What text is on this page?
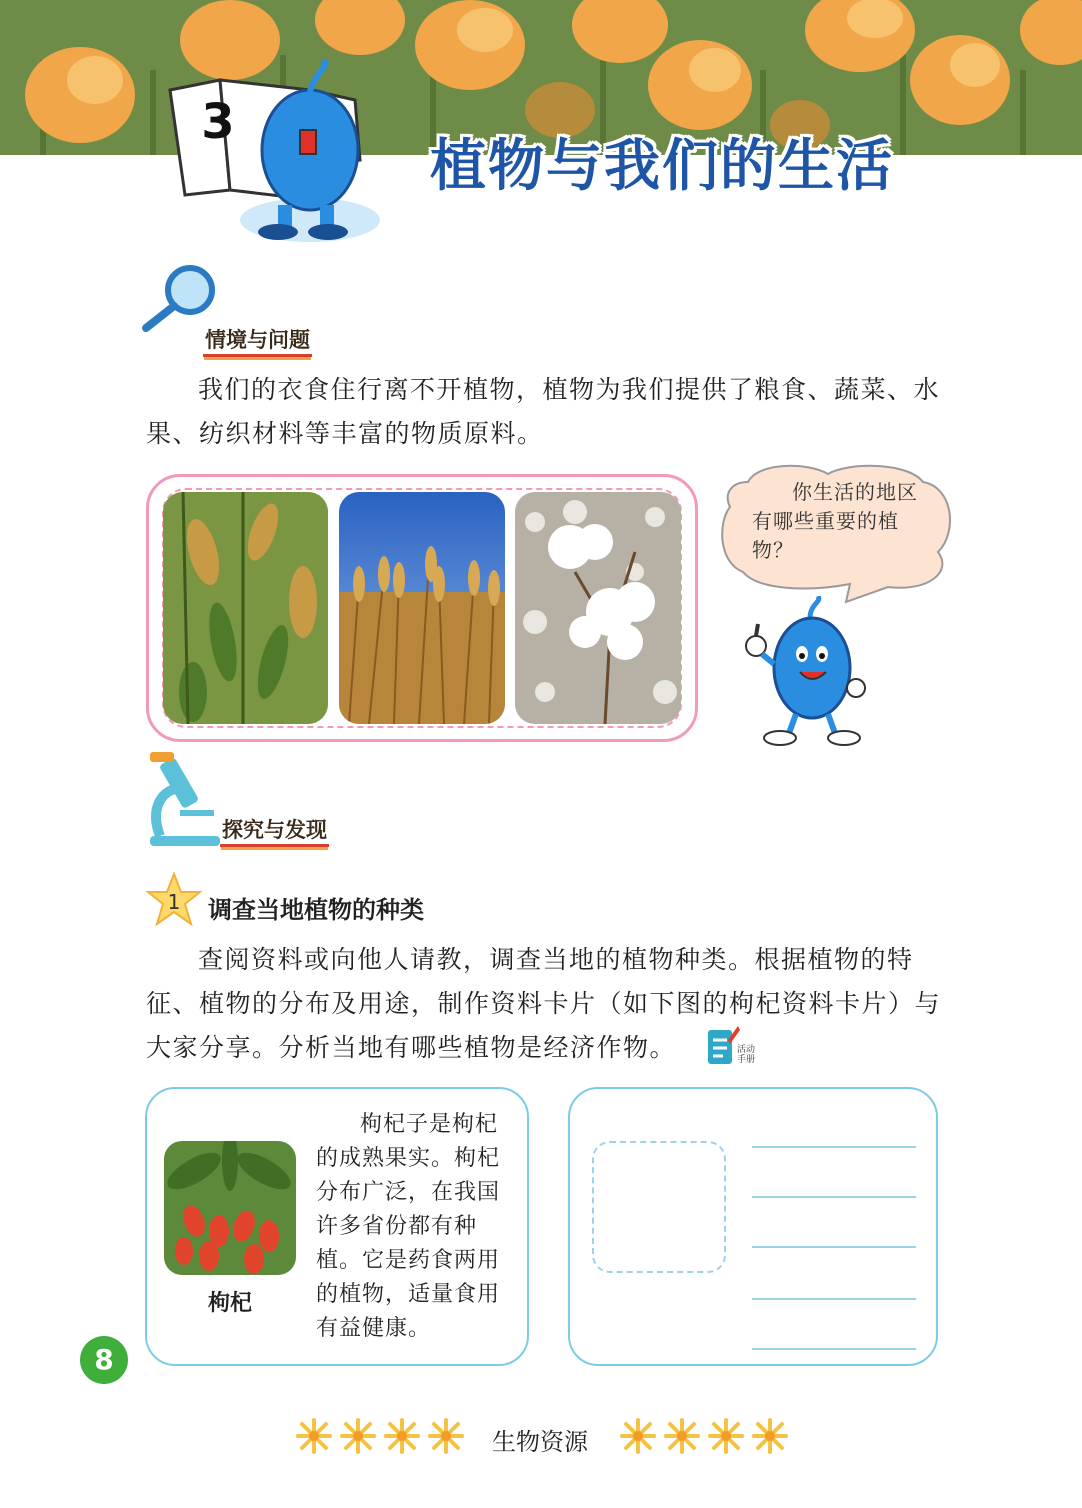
3
植物与我们的生活
情境与问题
我们的衣食住行离不开植物，植物为我们提供了粮食、蔬菜、水果、纺织材料等丰富的物质原料。
你生活的地区有哪些重要的植物？
探究与发现
1	调查当地植物的种类
查阅资料或向他人请教，调查当地的植物种类。根据植物的特征、植物的分布及用途，制作资料卡片（如下图的枸杞资料卡片）与大家分享。分析当地有哪些植物是经济作物。	活动手册
枸杞
枸杞子是枸杞的成熟果实。枸杞分布广泛，在我国许多省份都有种植。它是药食两用的植物，适量食用有益健康。
8
生物资源
